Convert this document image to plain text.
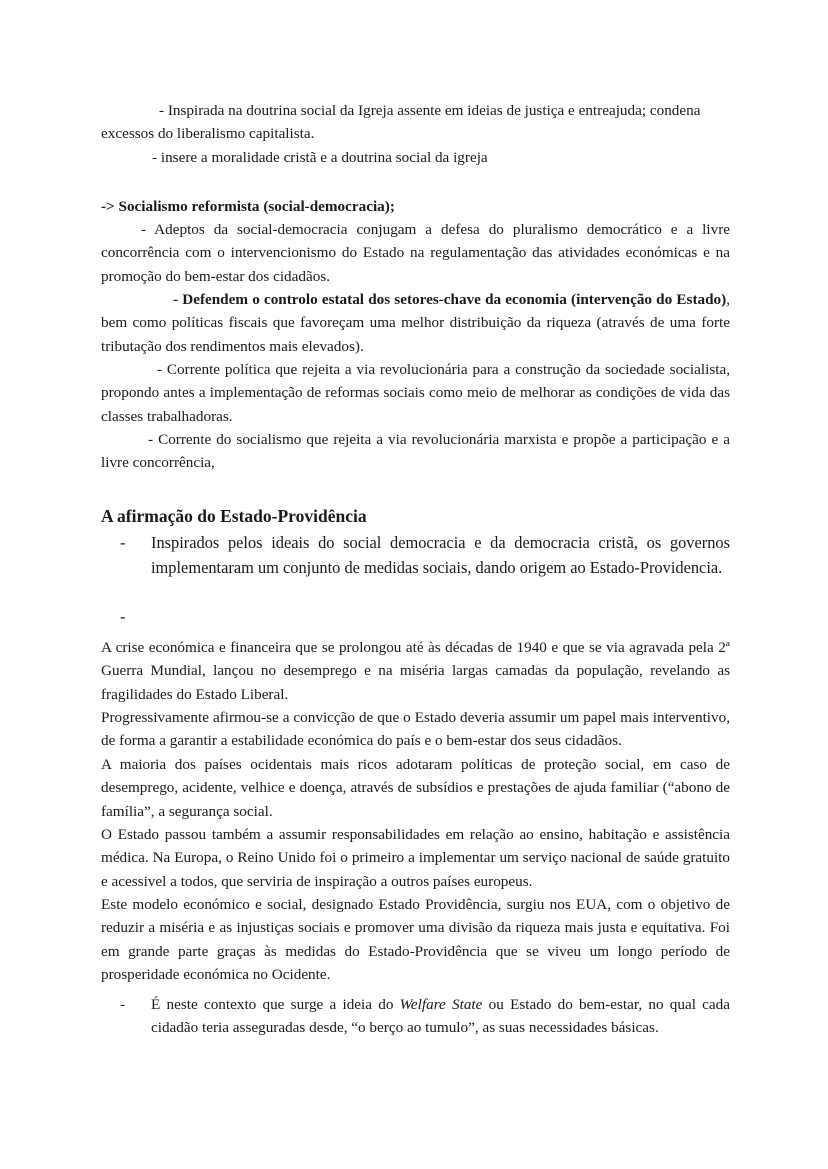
- Inspirada na doutrina social da Igreja assente em ideias de justiça e entreajuda; condena
excessos do liberalismo capitalista.

- insere a moralidade cristã e a doutrina social da igreja

-> Socialismo reformista (social-democracia);

- Adeptos da social-democracia conjugam a defesa do pluralismo democrático e a livre concorrência com o intervencionismo do Estado na regulamentação das atividades económicas e na promoção do bem-estar dos cidadãos.

- Defendem o controlo estatal dos setores-chave da economia (intervenção do Estado), bem como políticas fiscais que favoreçam uma melhor distribuição da riqueza (através de uma forte tributação dos rendimentos mais elevados).

- Corrente política que rejeita a via revolucionária para a construção da sociedade socialista, propondo antes a implementação de reformas sociais como meio de melhorar as condições de vida das classes trabalhadoras.

- Corrente do socialismo que rejeita a via revolucionária marxista e propõe a participação e a livre concorrência,

A afirmação do Estado-Providência
- Inspirados pelos ideais do social democracia e da democracia cristã, os governos implementaram um conjunto de medidas sociais, dando origem ao Estado-Providencia.

-

A crise económica e financeira que se prolongou até às décadas de 1940 e que se via agravada pela 2ª Guerra Mundial, lançou no desemprego e na miséria largas camadas da população, revelando as fragilidades do Estado Liberal.

Progressivamente afirmou-se a convicção de que o Estado deveria assumir um papel mais interventivo, de forma a garantir a estabilidade económica do país e o bem-estar dos seus cidadãos.

A maioria dos países ocidentais mais ricos adotaram políticas de proteção social, em caso de desemprego, acidente, velhice e doença, através de subsídios e prestações de ajuda familiar (“abono de família”, a segurança social.

O Estado passou também a assumir responsabilidades em relação ao ensino, habitação e assistência médica. Na Europa, o Reino Unido foi o primeiro a implementar um serviço nacional de saúde gratuito e acessivel a todos, que serviria de inspiração a outros países europeus.

Este modelo económico e social, designado Estado Providência, surgiu nos EUA, com o objetivo de reduzir a miséria e as injustiças sociais e promover uma divisão da riqueza mais justa e equitativa. Foi em grande parte graças às medidas do Estado-Providência que se viveu um longo período de prosperidade económica no Ocidente.

- É neste contexto que surge a ideia do Welfare State ou Estado do bem-estar, no qual cada cidadão teria asseguradas desde, “o berço ao tumulo”, as suas necessidades básicas.
